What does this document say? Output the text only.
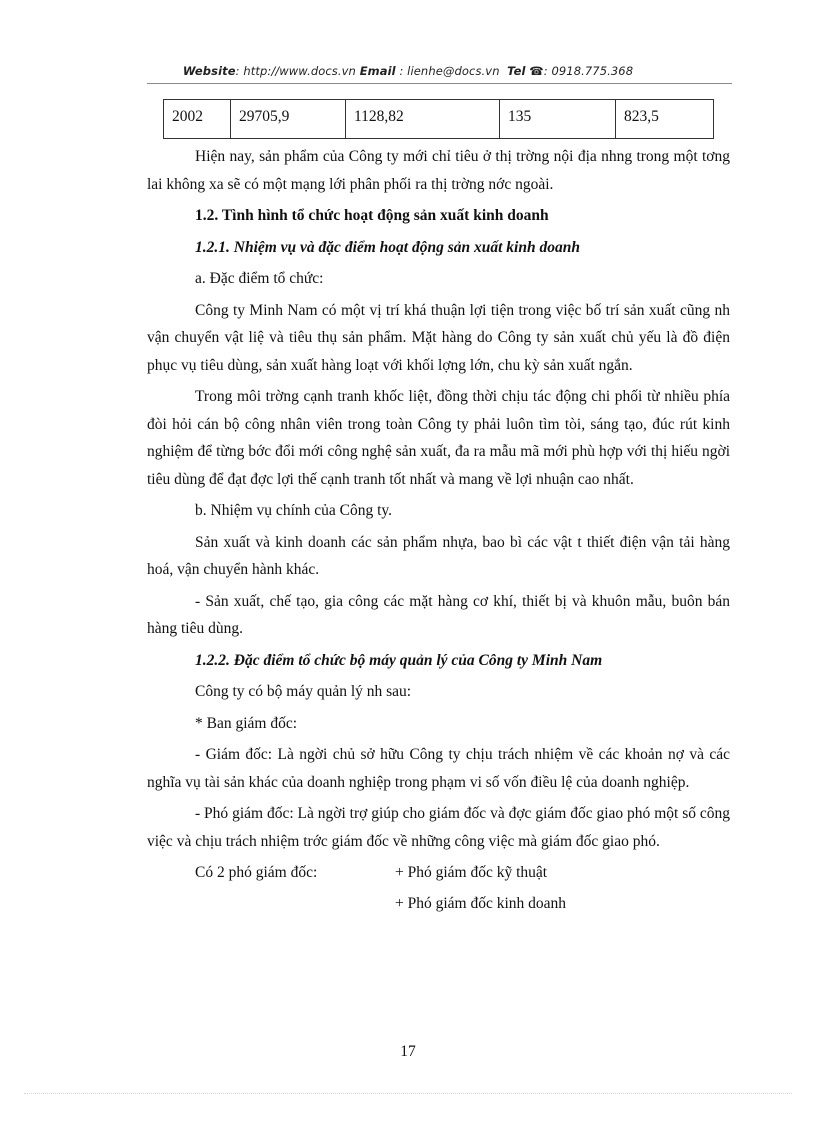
Website: http://www.docs.vn Email : lienhe@docs.vn Tel ☎: 0918.775.368
2002	29705,9	1128,82	135	823,5

Hiện nay, sản phẩm của Công ty mới chỉ tiêu ở thị trờng nội địa nhng trong một tơng lai không xa sẽ có một mạng lới phân phối ra thị trờng nớc ngoài.

1.2. Tình hình tổ chức hoạt động sản xuất kinh doanh
1.2.1. Nhiệm vụ và đặc điểm hoạt động sản xuất kinh doanh

a. Đặc điểm tổ chức:

Công ty Minh Nam có một vị trí khá thuận lợi tiện trong việc bố trí sản xuất cũng nh vận chuyển vật liệ và tiêu thụ sản phẩm. Mặt hàng do Công ty sản xuất chủ yếu là đồ điện phục vụ tiêu dùng, sản xuất hàng loạt với khối lợng lớn, chu kỳ sản xuất ngắn.

Trong môi trờng cạnh tranh khốc liệt, đồng thời chịu tác động chi phối từ nhiều phía đòi hỏi cán bộ công nhân viên trong toàn Công ty phải luôn tìm tòi, sáng tạo, đúc rút kinh nghiệm để từng bớc đổi mới công nghệ sản xuất, đa ra mẫu mã mới phù hợp với thị hiếu ngời tiêu dùng để đạt đợc lợi thế cạnh tranh tốt nhất và mang về lợi nhuận cao nhất.

b. Nhiệm vụ chính của Công ty.

Sản xuất và kinh doanh các sản phẩm nhựa, bao bì các vật t thiết điện vận tải hàng hoá, vận chuyển hành khác.

- Sản xuất, chế tạo, gia công các mặt hàng cơ khí, thiết bị và khuôn mẫu, buôn bán hàng tiêu dùng.

1.2.2. Đặc điểm tổ chức bộ máy quản lý của Công ty Minh Nam

Công ty có bộ máy quản lý nh sau:

* Ban giám đốc:

- Giám đốc: Là ngời chủ sở hữu Công ty chịu trách nhiệm về các khoản nợ và các nghĩa vụ tài sản khác của doanh nghiệp trong phạm vi số vốn điều lệ của doanh nghiệp.

- Phó giám đốc: Là ngời trợ giúp cho giám đốc và đợc giám đốc giao phó một số công việc và chịu trách nhiệm trớc giám đốc về những công việc mà giám đốc giao phó.

Có 2 phó giám đốc:	+ Phó giám đốc kỹ thuật
+ Phó giám đốc kinh doanh
17
